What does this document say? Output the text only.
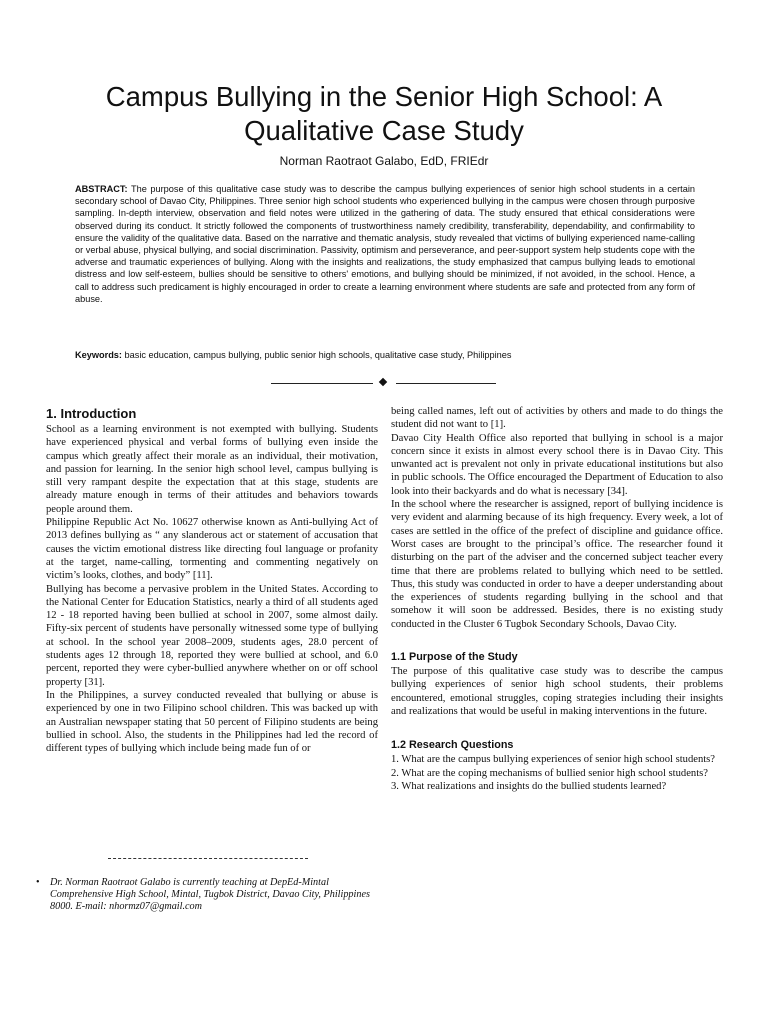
Campus Bullying in the Senior High School: A Qualitative Case Study

Norman Raotraot Galabo, EdD, FRIEdr

ABSTRACT: The purpose of this qualitative case study was to describe the campus bullying experiences of senior high school students in a certain secondary school of Davao City, Philippines. Three senior high school students who experienced bullying in the campus were chosen through purposive sampling. In-depth interview, observation and field notes were utilized in the gathering of data. The study ensured that ethical considerations were observed during its conduct. It strictly followed the components of trustworthiness namely credibility, transferability, dependability, and confirmability to ensure the validity of the qualitative data. Based on the narrative and thematic analysis, study revealed that victims of bullying experienced name-calling or verbal abuse, physical bullying, and social discrimination. Passivity, optimism and perseverance, and peer-support system help students cope with the adverse and traumatic experiences of bullying. Along with the insights and realizations, the study emphasized that campus bullying leads to emotional distress and low self-esteem, bullies should be sensitive to others' emotions, and bullying should be minimized, if not avoided, in the school. Hence, a call to address such predicament is highly encouraged in order to create a learning environment where students are safe and protected from any form of abuse.

Keywords: basic education, campus bullying, public senior high schools, qualitative case study, Philippines

1. Introduction

School as a learning environment is not exempted with bullying. Students have experienced physical and verbal forms of bullying even inside the campus which greatly affect their morale as an individual, their motivation, and passion for learning. In the senior high school level, campus bullying is still very rampant despite the expectation that at this stage, students are already mature enough in terms of their attitudes and behaviors towards people around them.

Philippine Republic Act No. 10627 otherwise known as Anti-bullying Act of 2013 defines bullying as “ any slanderous act or statement of accusation that causes the victim emotional distress like directing foul language or profanity at the target, name-calling, tormenting and commenting negatively on victim’s looks, clothes, and body” [11].

Bullying has become a pervasive problem in the United States. According to the National Center for Education Statistics, nearly a third of all students aged 12 - 18 reported having been bullied at school in 2007, some almost daily. Fifty-six percent of students have personally witnessed some type of bullying at school. In the school year 2008–2009, students ages, 28.0 percent of students ages 12 through 18, reported they were bullied at school, and 6.0 percent, reported they were cyber-bullied anywhere whether on or off school property [31].

In the Philippines, a survey conducted revealed that bullying or abuse is experienced by one in two Filipino school children. This was backed up with an Australian newspaper stating that 50 percent of Filipino students are being bullied in school. Also, the students in the Philippines had led the record of different types of bullying which include being made fun of or

being called names, left out of activities by others and made to do things the student did not want to [1].

Davao City Health Office also reported that bullying in school is a major concern since it exists in almost every school there is in Davao City. This unwanted act is prevalent not only in private educational institutions but also in public schools. The Office encouraged the Department of Education to also look into their backyards and do what is necessary [34].

In the school where the researcher is assigned, report of bullying incidence is very evident and alarming because of its high frequency. Every week, a lot of cases are settled in the office of the prefect of discipline and guidance office. Worst cases are brought to the principal’s office. The researcher found it disturbing on the part of the adviser and the concerned subject teacher every time that there are problems related to bullying which need to be settled. Thus, this study was conducted in order to have a deeper understanding about the experiences of students regarding bullying in the school and that somehow it will soon be addressed. Besides, there is no existing study conducted in the Cluster 6 Tugbok Secondary Schools, Davao City.

1.1 Purpose of the Study

The purpose of this qualitative case study was to describe the campus bullying experiences of senior high school students, their problems encountered, emotional struggles, coping strategies including their insights and realizations that would be useful in making interventions in the future.

1.2 Research Questions

1. What are the campus bullying experiences of senior high school students?

2. What are the coping mechanisms of bullied senior high school students?

3. What realizations and insights do the bullied students learned?

• Dr. Norman Raotraot Galabo is currently teaching at DepEd-Mintal Comprehensive High School, Mintal, Tugbok District, Davao City, Philippines 8000. E-mail: nhormz07@gmail.com
